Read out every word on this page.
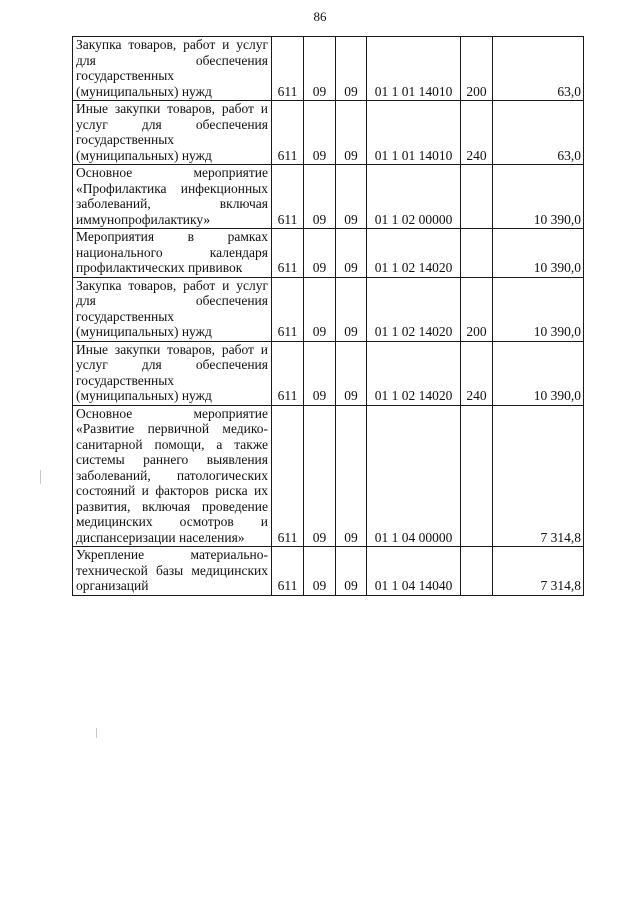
86
Закупка товаров, работ и услуг для обеспечения государственных (муниципальных) нужд	611	09	09	01 1 01 14010	200	63,0
Иные закупки товаров, работ и услуг для обеспечения государственных (муниципальных) нужд	611	09	09	01 1 01 14010	240	63,0
Основное мероприятие «Профилактика инфекционных заболеваний, включая иммунопрофилактику»	611	09	09	01 1 02 00000		10 390,0
Мероприятия в рамках национального календаря профилактических прививок	611	09	09	01 1 02 14020		10 390,0
Закупка товаров, работ и услуг для обеспечения государственных (муниципальных) нужд	611	09	09	01 1 02 14020	200	10 390,0
Иные закупки товаров, работ и услуг для обеспечения государственных (муниципальных) нужд	611	09	09	01 1 02 14020	240	10 390,0
Основное мероприятие «Развитие первичной медико-санитарной помощи, а также системы раннего выявления заболеваний, патологических состояний и факторов риска их развития, включая проведение медицинских осмотров и диспансеризации населения»	611	09	09	01 1 04 00000		7 314,8
Укрепление материально-технической базы медицинских организаций	611	09	09	01 1 04 14040		7 314,8
